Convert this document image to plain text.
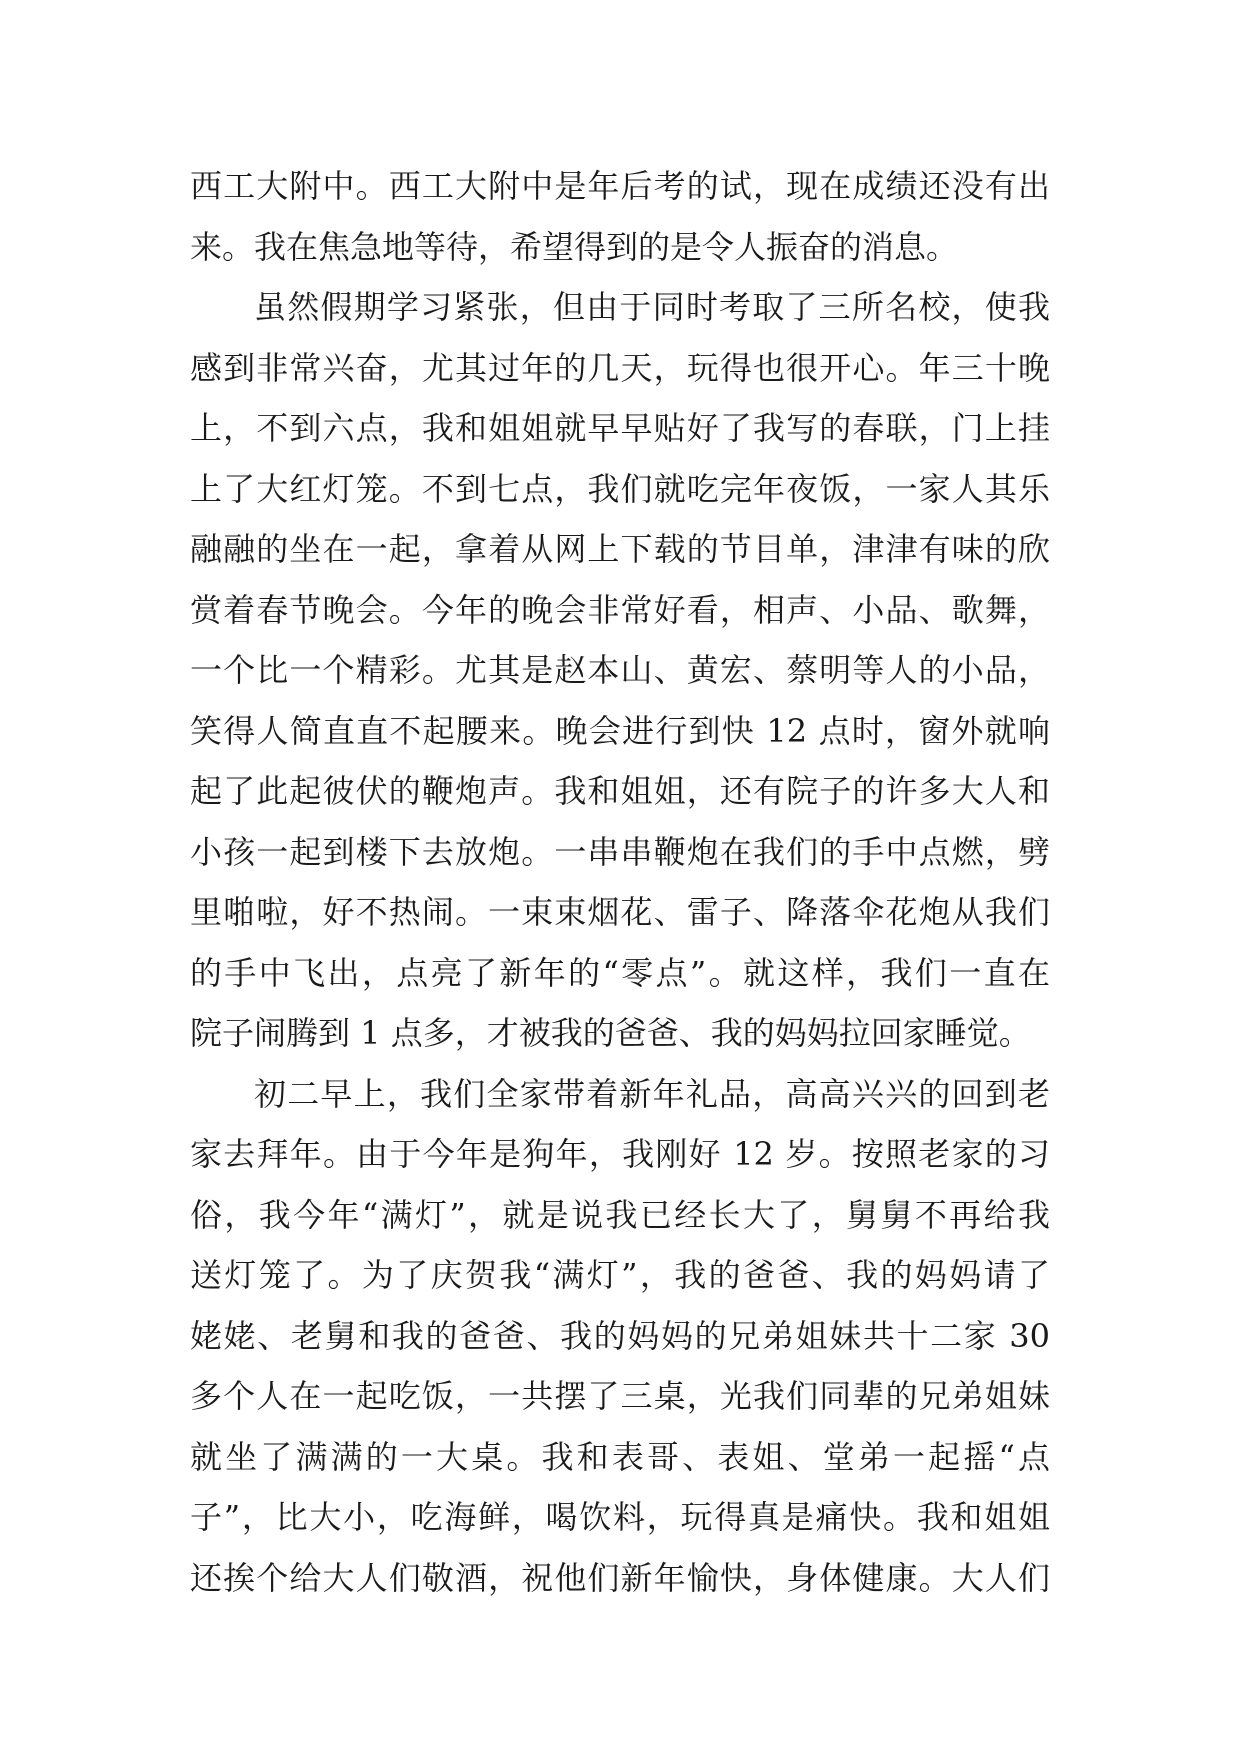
西工大附中。西工大附中是年后考的试，现在成绩还没有出
来。我在焦急地等待，希望得到的是令人振奋的消息。
虽然假期学习紧张，但由于同时考取了三所名校，使我
感到非常兴奋，尤其过年的几天，玩得也很开心。年三十晚
上，不到六点，我和姐姐就早早贴好了我写的春联，门上挂
上了大红灯笼。不到七点，我们就吃完年夜饭，一家人其乐
融融的坐在一起，拿着从网上下载的节目单，津津有味的欣
赏着春节晚会。今年的晚会非常好看，相声、小品、歌舞，
一个比一个精彩。尤其是赵本山、黄宏、蔡明等人的小品，
笑得人简直直不起腰来。晚会进行到快 12 点时，窗外就响
起了此起彼伏的鞭炮声。我和姐姐，还有院子的许多大人和
小孩一起到楼下去放炮。一串串鞭炮在我们的手中点燃，劈
里啪啦，好不热闹。一束束烟花、雷子、降落伞花炮从我们
的手中飞出，点亮了新年的“零点”。就这样，我们一直在
院子闹腾到 1 点多，才被我的爸爸、我的妈妈拉回家睡觉。
初二早上，我们全家带着新年礼品，高高兴兴的回到老
家去拜年。由于今年是狗年，我刚好 12 岁。按照老家的习
俗，我今年“满灯”，就是说我已经长大了，舅舅不再给我
送灯笼了。为了庆贺我“满灯”，我的爸爸、我的妈妈请了
姥姥、老舅和我的爸爸、我的妈妈的兄弟姐妹共十二家 30
多个人在一起吃饭，一共摆了三桌，光我们同辈的兄弟姐妹
就坐了满满的一大桌。我和表哥、表姐、堂弟一起摇“点
子”，比大小，吃海鲜，喝饮料，玩得真是痛快。我和姐姐
还挨个给大人们敬酒，祝他们新年愉快，身体健康。大人们
